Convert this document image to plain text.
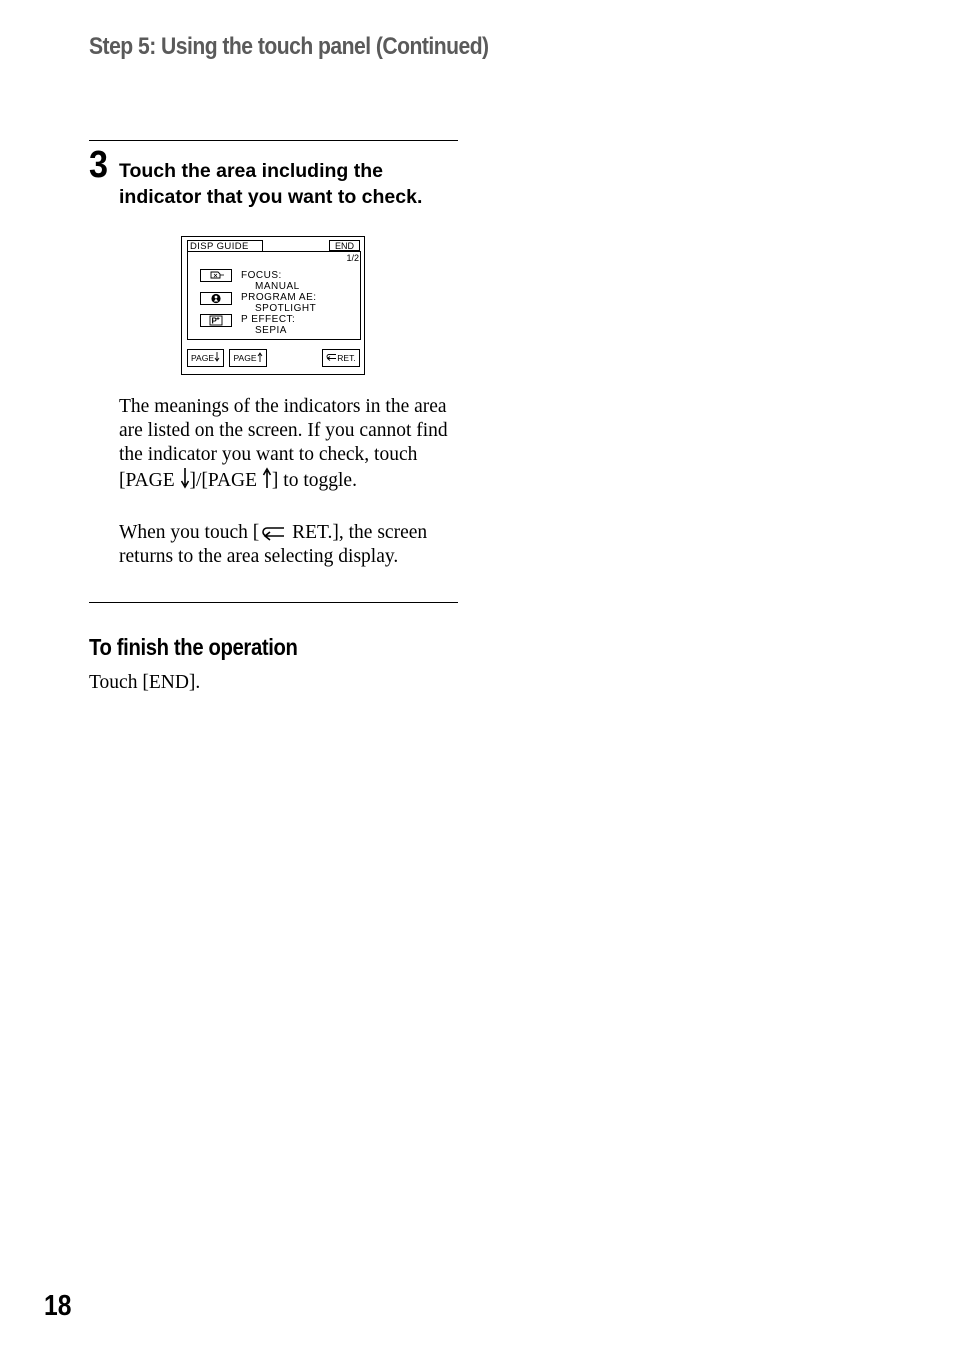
Step 5: Using the touch panel (Continued)
3 Touch the area including the indicator that you want to check.
DISP GUIDE	END
1/2
FOCUS:
MANUAL
PROGRAM AE:
SPOTLIGHT
P P EFFECT:
SEPIA
PAGE	PAGE	RET.
The meanings of the indicators in the area are listed on the screen. If you cannot find the indicator you want to check, touch [PAGE ]/[PAGE ] to toggle.
When you touch [ RET.], the screen returns to the area selecting display.
To finish the operation
Touch [END].
18
